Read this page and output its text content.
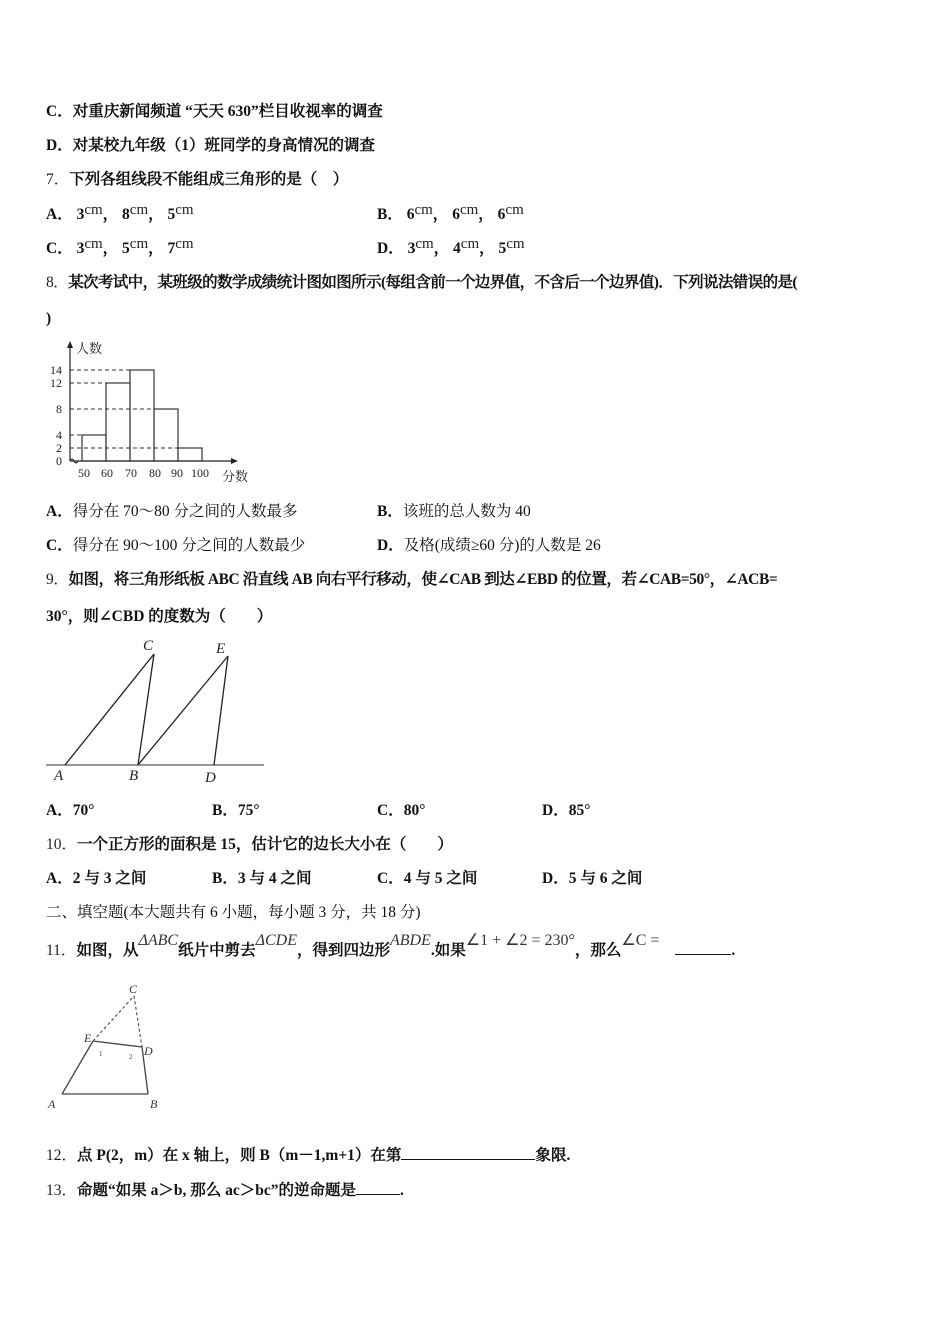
C．对重庆新闻频道 “天天 630”栏目收视率的调查
D．对某校九年级（1）班同学的身高情况的调查
7．下列各组线段不能组成三角形的是（　）
A． 3cm， 8cm， 5cm	B． 6cm， 6cm， 6cm
C． 3cm， 5cm， 7cm	D． 3cm， 4cm， 5cm
8．某次考试中，某班级的数学成绩统计图如图所示(每组含前一个边界值，不含后一个边界值)．下列说法错误的是(
)
0
2
4
8
12
14
50 60 70 80 90 100
人数
分数
A．得分在 70～80 分之间的人数最多	B．该班的总人数为 40
C．得分在 90～100 分之间的人数最少	D．及格(成绩≥60 分)的人数是 26
9．如图，将三角形纸板 ABC 沿直线 AB 向右平行移动，使∠CAB 到达∠EBD 的位置，若∠CAB=50°，∠ACB=
30°，则∠CBD 的度数为（　　）
A	B
C
D
E
A．70°	B．75°	C．80°	D．85°
10．一个正方形的面积是 15，估计它的边长大小在（　　）
A．2 与 3 之间	B．3 与 4 之间	C．4 与 5 之间	D．5 与 6 之间
二、填空题(本大题共有 6 小题，每小题 3 分，共 18 分)
11．如图，从ΔABC纸片中剪去ΔCDE，得到四边形ABDE.如果∠1 + ∠2 = 230°，那么∠C = .
A	B
C
D
E
1	2
12．点 P(2，m）在 x 轴上，则 B（m－1,m+1）在第	象限.
13．命题“如果 a＞b, 那么 ac＞bc”的逆命题是	.
